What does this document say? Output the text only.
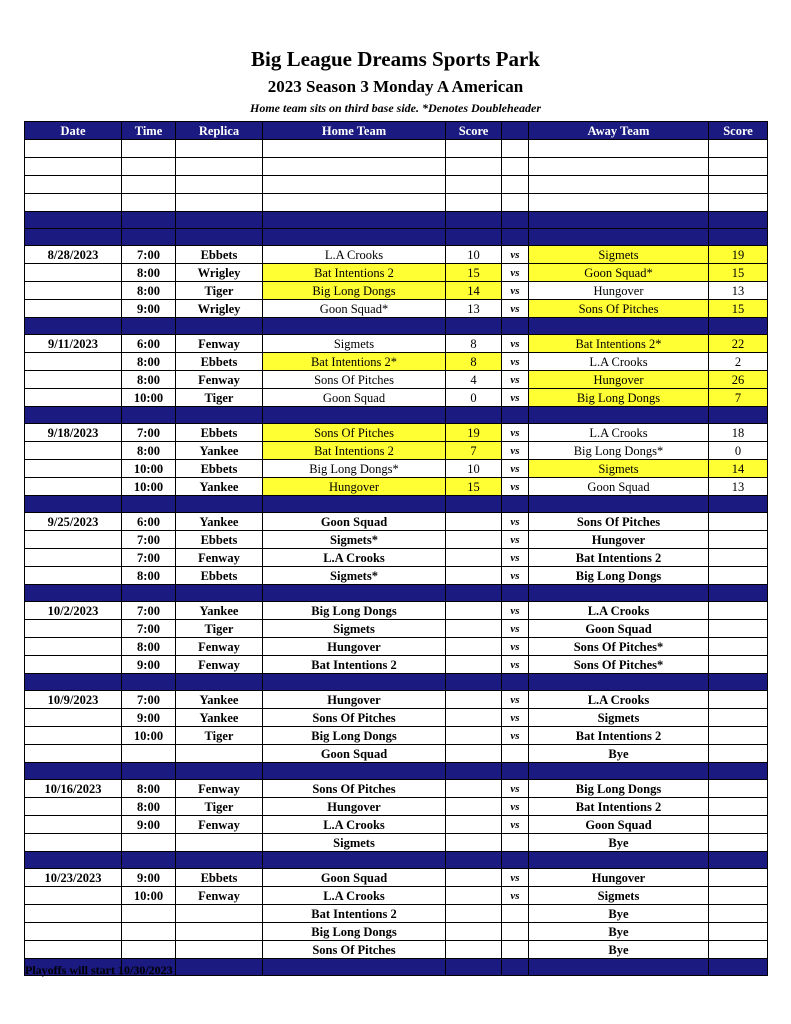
Big League Dreams Sports Park
2023 Season 3 Monday A American
Home team sits on third base side. *Denotes Doubleheader
Date	Time	Replica	Home Team	Score		Away Team	Score

8/28/2023	7:00	Ebbets	L.A Crooks	10	vs	Sigmets	19
	8:00	Wrigley	Bat Intentions 2	15	vs	Goon Squad*	15
	8:00	Tiger	Big Long Dongs	14	vs	Hungover	13
	9:00	Wrigley	Goon Squad*	13	vs	Sons Of Pitches	15

9/11/2023	6:00	Fenway	Sigmets	8	vs	Bat Intentions 2*	22
	8:00	Ebbets	Bat Intentions 2*	8	vs	L.A Crooks	2
	8:00	Fenway	Sons Of Pitches	4	vs	Hungover	26
	10:00	Tiger	Goon Squad	0	vs	Big Long Dongs	7

9/18/2023	7:00	Ebbets	Sons Of Pitches	19	vs	L.A Crooks	18
	8:00	Yankee	Bat Intentions 2	7	vs	Big Long Dongs*	0
	10:00	Ebbets	Big Long Dongs*	10	vs	Sigmets	14
	10:00	Yankee	Hungover	15	vs	Goon Squad	13

9/25/2023	6:00	Yankee	Goon Squad		vs	Sons Of Pitches	
	7:00	Ebbets	Sigmets*		vs	Hungover	
	7:00	Fenway	L.A Crooks		vs	Bat Intentions 2	
	8:00	Ebbets	Sigmets*		vs	Big Long Dongs	

10/2/2023	7:00	Yankee	Big Long Dongs		vs	L.A Crooks	
	7:00	Tiger	Sigmets		vs	Goon Squad	
	8:00	Fenway	Hungover		vs	Sons Of Pitches*	
	9:00	Fenway	Bat Intentions 2		vs	Sons Of Pitches*	

10/9/2023	7:00	Yankee	Hungover		vs	L.A Crooks	
	9:00	Yankee	Sons Of Pitches		vs	Sigmets	
	10:00	Tiger	Big Long Dongs		vs	Bat Intentions 2	
			Goon Squad			Bye	

10/16/2023	8:00	Fenway	Sons Of Pitches		vs	Big Long Dongs	
	8:00	Tiger	Hungover		vs	Bat Intentions 2	
	9:00	Fenway	L.A Crooks		vs	Goon Squad	
			Sigmets			Bye	

10/23/2023	9:00	Ebbets	Goon Squad		vs	Hungover	
	10:00	Fenway	L.A Crooks		vs	Sigmets	
			Bat Intentions 2			Bye	
			Big Long Dongs			Bye	
			Sons Of Pitches			Bye	

Playoffs will start 10/30/2023
